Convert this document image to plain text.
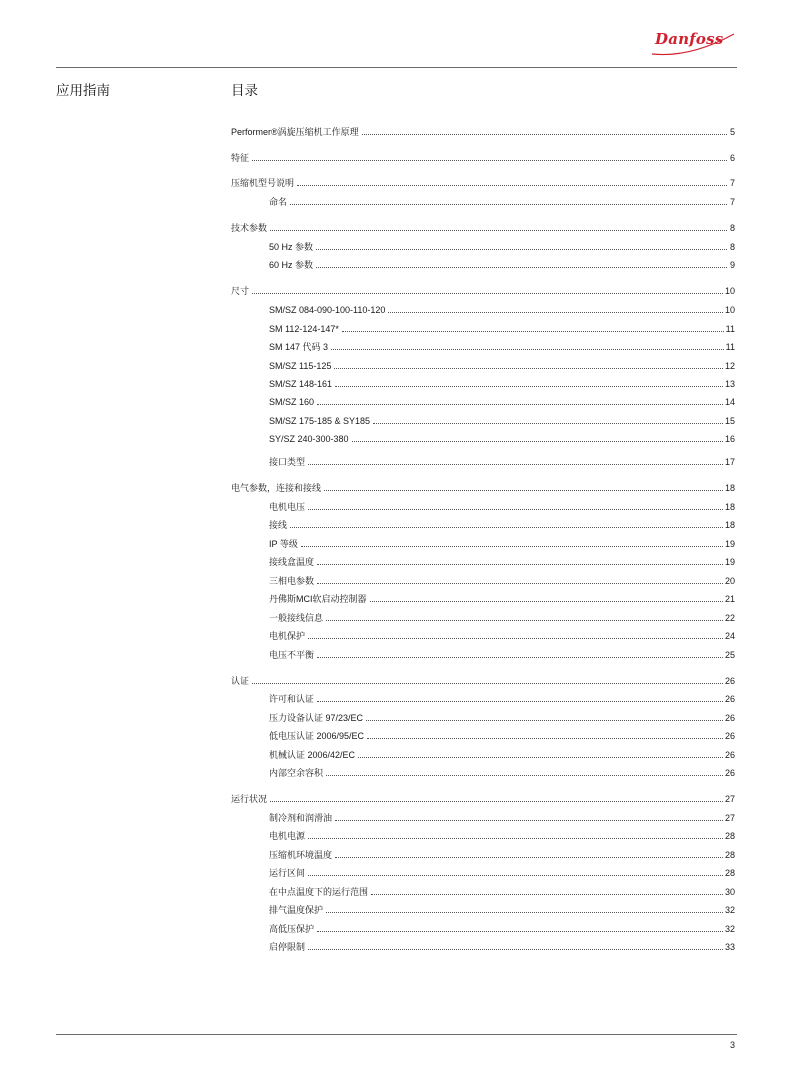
Danfoss
应用指南	目录
Performer®涡旋压缩机工作原理	5
特征	6
压缩机型号说明	7
命名	7
技术参数	8
50 Hz 参数	8
60 Hz 参数	9
尺寸	10
SM/SZ 084-090-100-110-120	10
SM 112-124-147*	11
SM 147 代码 3	11
SM/SZ 115-125	12
SM/SZ 148-161	13
SM/SZ 160	14
SM/SZ 175-185 & SY185	15
SY/SZ 240-300-380	16
接口类型	17
电气参数，连接和接线	18
电机电压	18
接线	18
IP 等级	19
接线盒温度	19
三相电参数	20
丹佛斯MCI软启动控制器	21
一般接线信息	22
电机保护	24
电压不平衡	25
认证	26
许可和认证	26
压力设备认证 97/23/EC	26
低电压认证 2006/95/EC	26
机械认证 2006/42/EC	26
内部空余容积	26
运行状况	27
制冷剂和润滑油	27
电机电源	28
压缩机环境温度	28
运行区间	28
在中点温度下的运行范围	30
排气温度保护	32
高低压保护	32
启停限制	33
3
